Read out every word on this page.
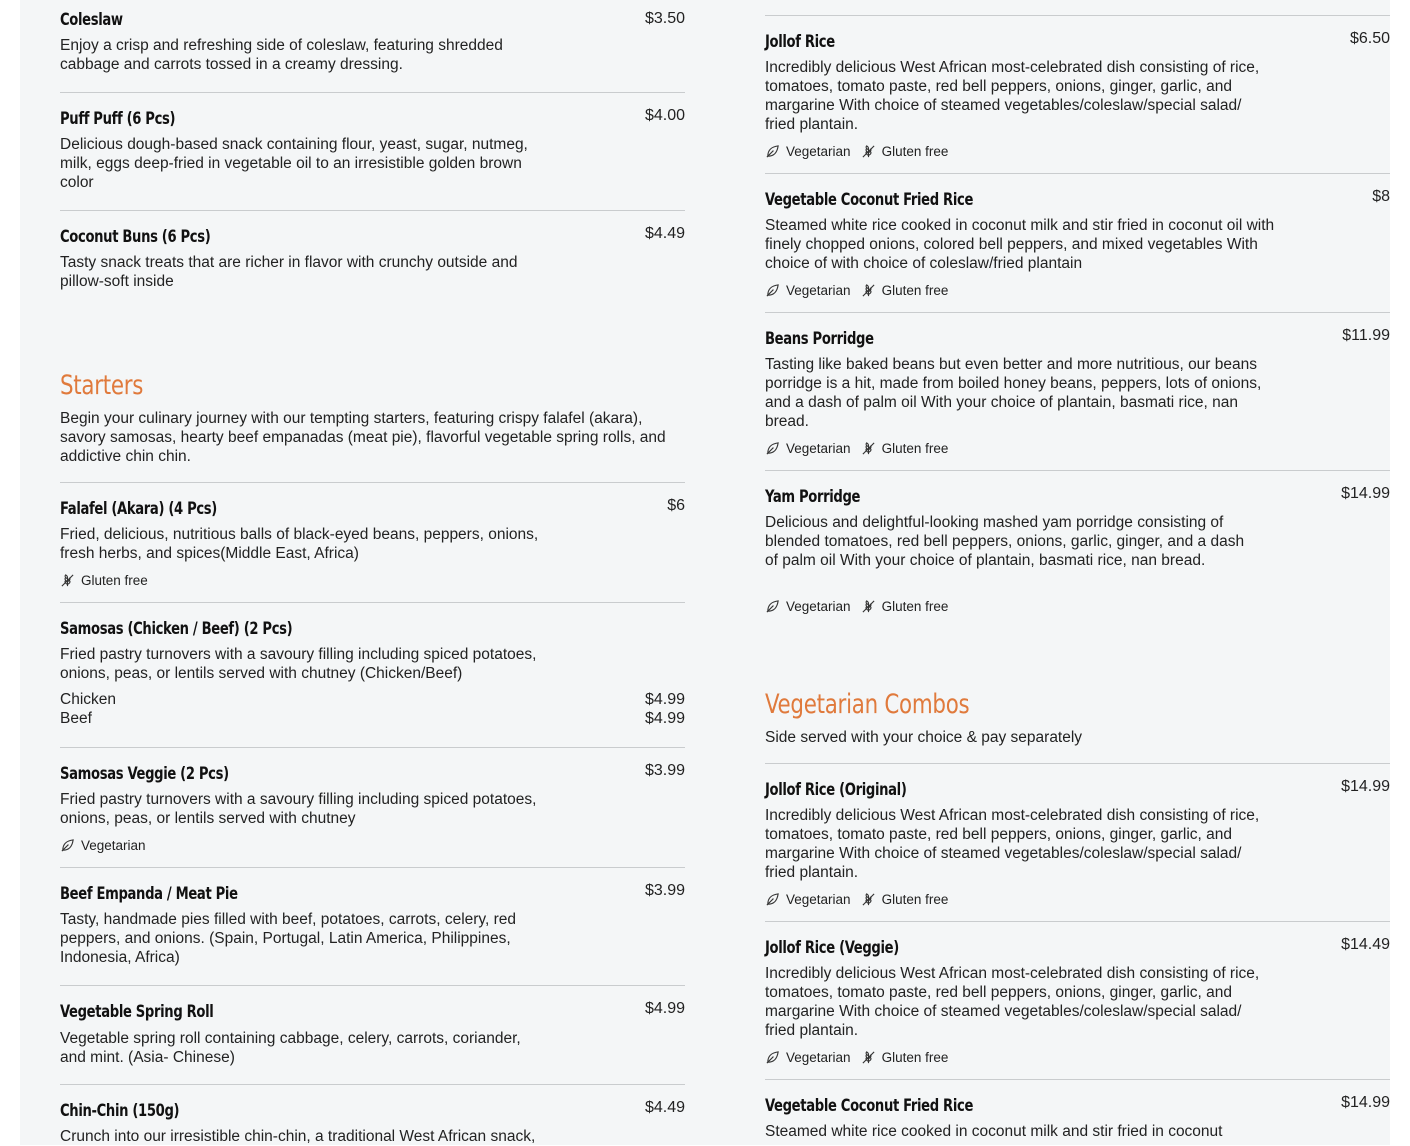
Coleslaw	$3.50
Enjoy a crisp and refreshing side of coleslaw, featuring shredded cabbage and carrots tossed in a creamy dressing.
Puff Puff (6 Pcs)	$4.00
Delicious dough-based snack containing flour, yeast, sugar, nutmeg, milk, eggs deep-fried in vegetable oil to an irresistible golden brown color
Coconut Buns (6 Pcs)	$4.49
Tasty snack treats that are richer in flavor with crunchy outside and pillow-soft inside
Starters
Begin your culinary journey with our tempting starters, featuring crispy falafel (akara), savory samosas, hearty beef empanadas (meat pie), flavorful vegetable spring rolls, and addictive chin chin.
Falafel (Akara) (4 Pcs)	$6
Fried, delicious, nutritious balls of black-eyed beans, peppers, onions, fresh herbs, and spices(Middle East, Africa)
Gluten free
Samosas (Chicken / Beef) (2 Pcs)
Fried pastry turnovers with a savoury filling including spiced potatoes, onions, peas, or lentils served with chutney (Chicken/Beef)
Chicken	$4.99
Beef	$4.99
Samosas Veggie (2 Pcs)	$3.99
Fried pastry turnovers with a savoury filling including spiced potatoes, onions, peas, or lentils served with chutney
Vegetarian
Beef Empanda / Meat Pie	$3.99
Tasty, handmade pies filled with beef, potatoes, carrots, celery, red peppers, and onions. (Spain, Portugal, Latin America, Philippines, Indonesia, Africa)
Vegetable Spring Roll	$4.99
Vegetable spring roll containing cabbage, celery, carrots, coriander, and mint. (Asia- Chinese)
Chin-Chin (150g)	$4.49
Crunch into our irresistible chin-chin, a traditional West African snack,
Jollof Rice	$6.50
Incredibly delicious West African most-celebrated dish consisting of rice, tomatoes, tomato paste, red bell peppers, onions, ginger, garlic, and margarine With choice of steamed vegetables/coleslaw/special salad/ fried plantain.
Vegetarian Gluten free
Vegetable Coconut Fried Rice	$8
Steamed white rice cooked in coconut milk and stir fried in coconut oil with finely chopped onions, colored bell peppers, and mixed vegetables With choice of with choice of coleslaw/fried plantain
Vegetarian Gluten free
Beans Porridge	$11.99
Tasting like baked beans but even better and more nutritious, our beans porridge is a hit, made from boiled honey beans, peppers, lots of onions, and a dash of palm oil With your choice of plantain, basmati rice, nan bread.
Vegetarian Gluten free
Yam Porridge	$14.99
Delicious and delightful-looking mashed yam porridge consisting of blended tomatoes, red bell peppers, onions, garlic, ginger, and a dash of palm oil With your choice of plantain, basmati rice, nan bread.
Vegetarian Gluten free
Vegetarian Combos
Side served with your choice & pay separately
Jollof Rice (Original)	$14.99
Incredibly delicious West African most-celebrated dish consisting of rice, tomatoes, tomato paste, red bell peppers, onions, ginger, garlic, and margarine With choice of steamed vegetables/coleslaw/special salad/ fried plantain.
Vegetarian Gluten free
Jollof Rice (Veggie)	$14.49
Incredibly delicious West African most-celebrated dish consisting of rice, tomatoes, tomato paste, red bell peppers, onions, ginger, garlic, and margarine With choice of steamed vegetables/coleslaw/special salad/ fried plantain.
Vegetarian Gluten free
Vegetable Coconut Fried Rice	$14.99
Steamed white rice cooked in coconut milk and stir fried in coconut
